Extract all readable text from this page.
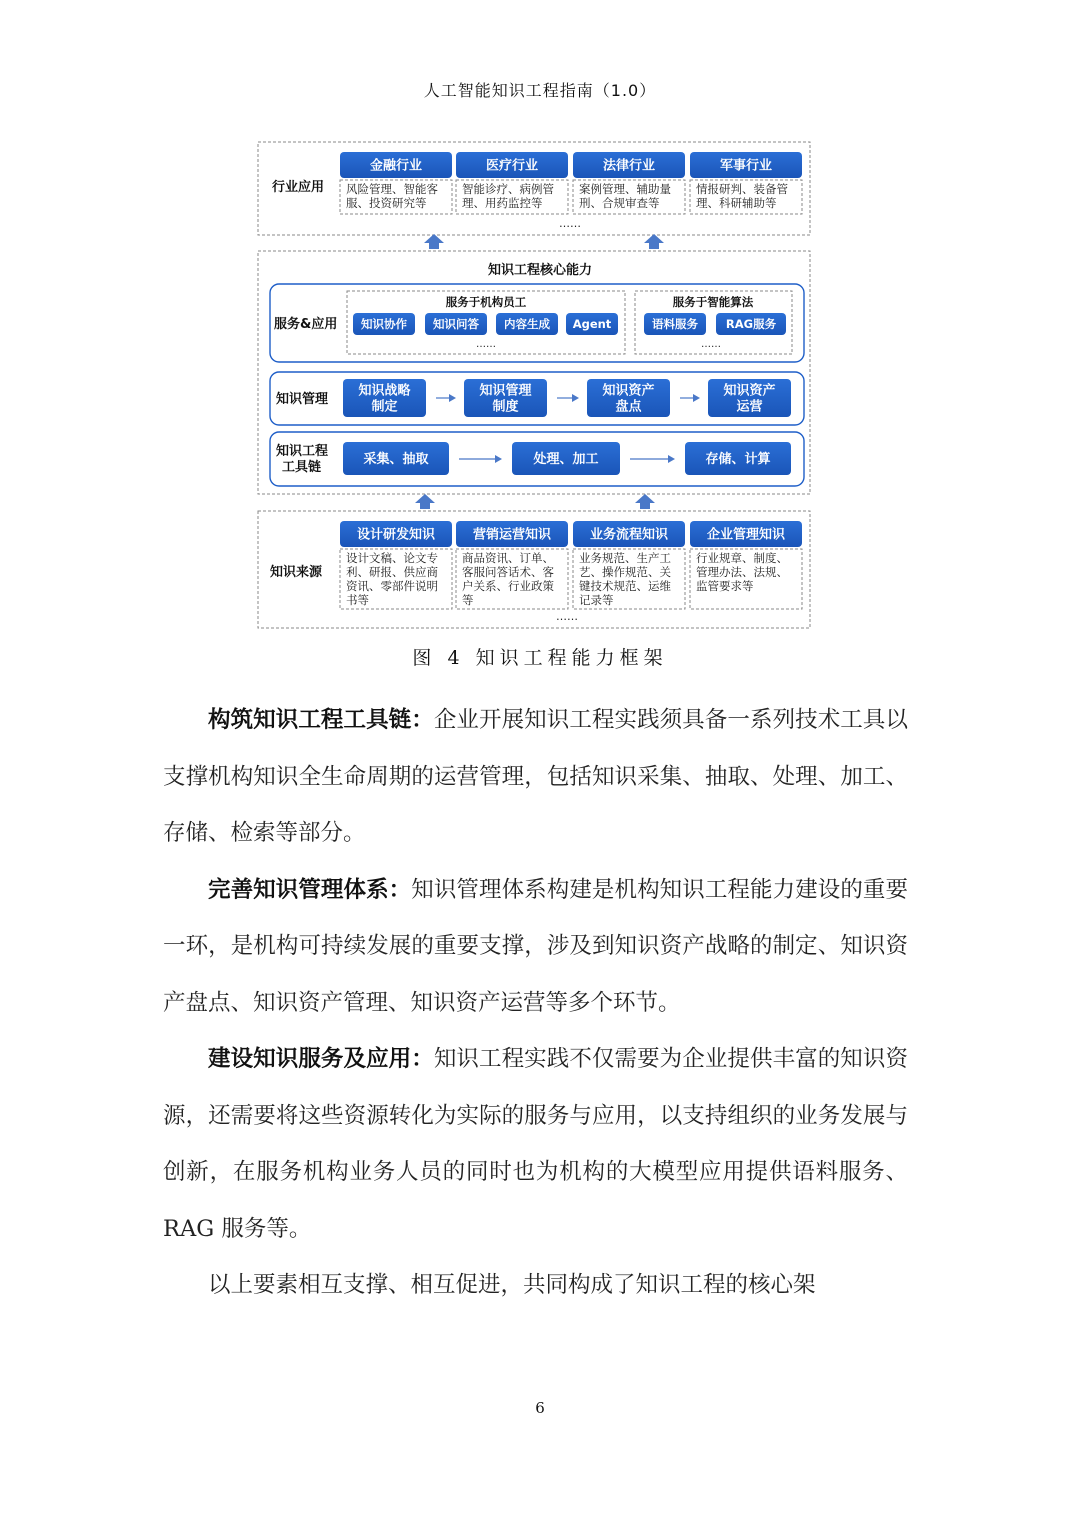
人工智能知识工程指南（1.0）
行业应用
金融行业
风险管理、智能客
服、投资研究等
医疗行业
智能诊疗、病例管
理、用药监控等
法律行业
案例管理、辅助量
刑、合规审查等
军事行业
情报研判、装备管
理、科研辅助等
……
知识工程核心能力
服务&应用
服务于机构员工
知识协作 知识问答 内容生成 Agent
……
服务于智能算法
语料服务 RAG服务
……
知识管理
知识战略
制定
知识管理
制度
知识资产
盘点
知识资产
运营
知识工程
工具链
采集、抽取	处理、加工	存储、计算
知识来源
设计研发知识
设计文稿、论文专
利、研报、供应商
资讯、零部件说明
书等
营销运营知识
商品资讯、订单、
客服问答话术、客
户关系、行业政策
等
业务流程知识
业务规范、生产工
艺、操作规范、关
键技术规范、运维
记录等
企业管理知识
行业规章、制度、
管理办法、法规、
监管要求等
……
图 4 知识工程能力框架

构筑知识工程工具链：企业开展知识工程实践须具备一系列技术工具以支撑机构知识全生命周期的运营管理，包括知识采集、抽取、处理、加工、存储、检索等部分。

完善知识管理体系：知识管理体系构建是机构知识工程能力建设的重要一环，是机构可持续发展的重要支撑，涉及到知识资产战略的制定、知识资产盘点、知识资产管理、知识资产运营等多个环节。

建设知识服务及应用：知识工程实践不仅需要为企业提供丰富的知识资源，还需要将这些资源转化为实际的服务与应用，以支持组织的业务发展与创新，在服务机构业务人员的同时也为机构的大模型应用提供语料服务、RAG 服务等。

以上要素相互支撑、相互促进，共同构成了知识工程的核心架

6
